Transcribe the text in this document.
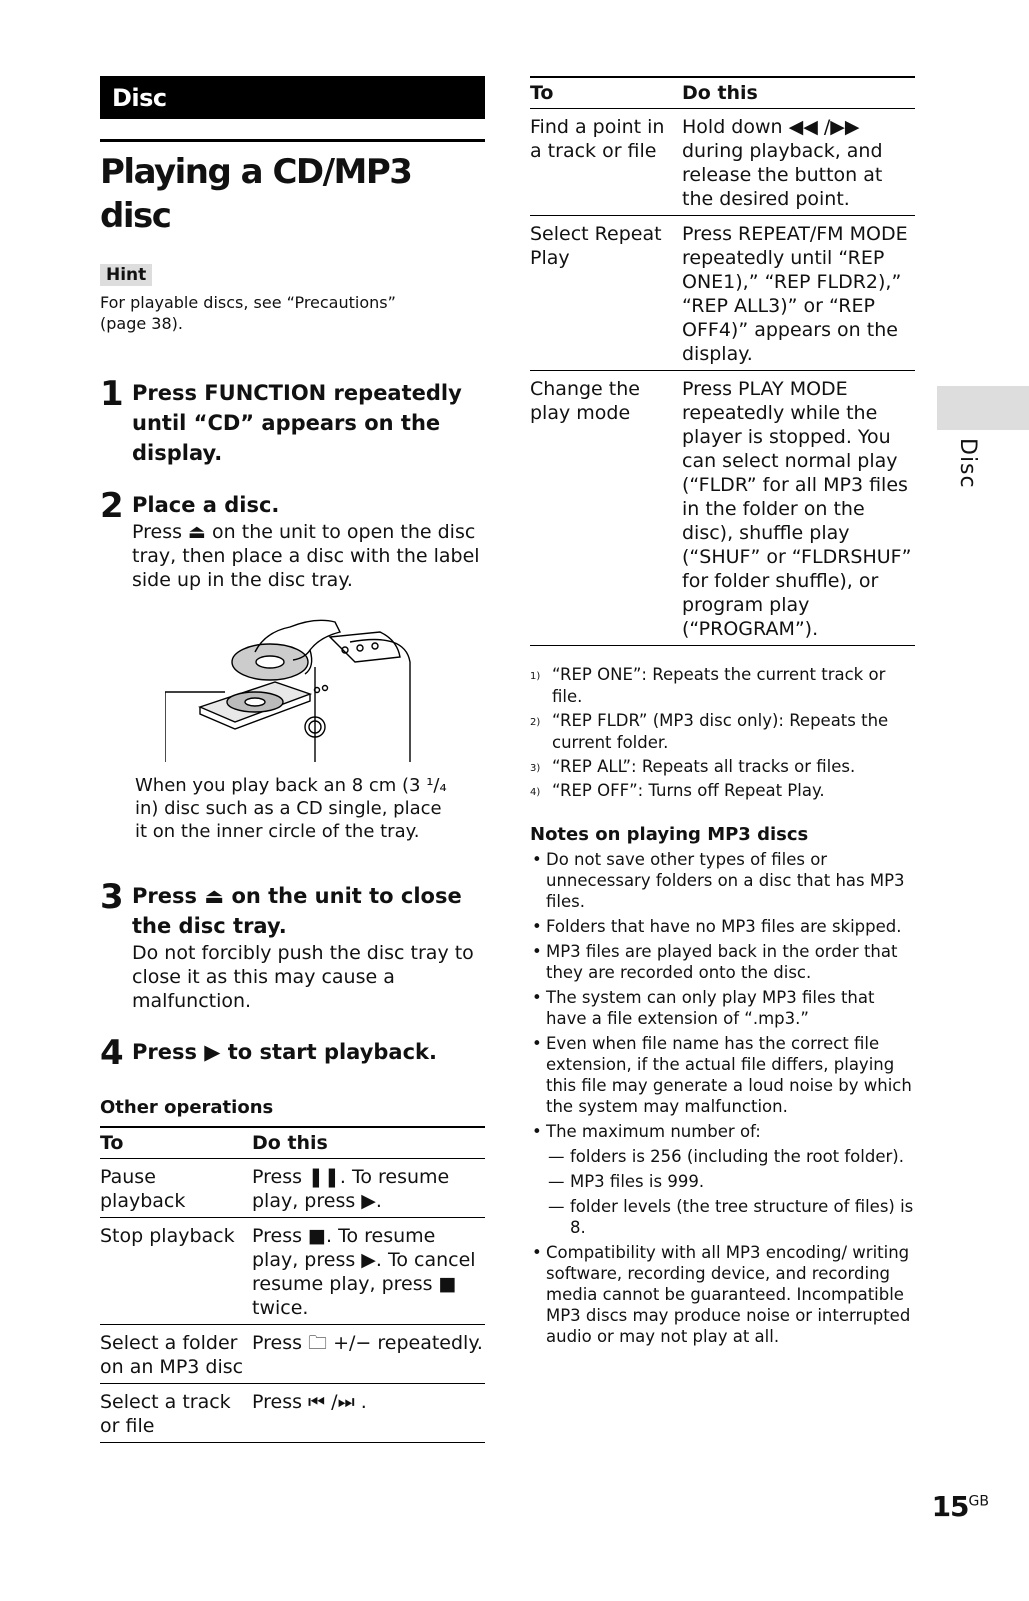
Disc
Playing a CD/MP3 disc
Hint
For playable discs, see “Precautions” (page 38).
1 Press FUNCTION repeatedly until “CD” appears on the display.
2 Place a disc.
Press ⏏ on the unit to open the disc tray, then place a disc with the label side up in the disc tray.
When you play back an 8 cm (3 ¹/₄ in) disc such as a CD single, place it on the inner circle of the tray.
3 Press ⏏ on the unit to close the disc tray.
Do not forcibly push the disc tray to close it as this may cause a malfunction.
4 Press ▶ to start playback.
Other operations
To	Do this
Pause playback	Press ❚❚. To resume play, press ▶.
Stop playback	Press ■. To resume play, press ▶. To cancel resume play, press ■ twice.
Select a folder on an MP3 disc	Press 🗀 +/− repeatedly.
Select a track or file	Press ⏮ /⏭ .
To	Do this
Find a point in a track or file	Hold down ◀◀ /▶▶ during playback, and release the button at the desired point.
Select Repeat Play	Press REPEAT/FM MODE repeatedly until “REP ONE1),” “REP FLDR2),” “REP ALL3)” or “REP OFF4)” appears on the display.
Change the play mode	Press PLAY MODE repeatedly while the player is stopped. You can select normal play (“FLDR” for all MP3 files in the folder on the disc), shuffle play (“SHUF” or “FLDRSHUF” for folder shuffle), or program play (“PROGRAM”).
1) “REP ONE”: Repeats the current track or file.
2) “REP FLDR” (MP3 disc only): Repeats the current folder.
3) “REP ALL”: Repeats all tracks or files.
4) “REP OFF”: Turns off Repeat Play.
Notes on playing MP3 discs
• Do not save other types of files or unnecessary folders on a disc that has MP3 files.
• Folders that have no MP3 files are skipped.
• MP3 files are played back in the order that they are recorded onto the disc.
• The system can only play MP3 files that have a file extension of “.mp3.”
• Even when file name has the correct file extension, if the actual file differs, playing this file may generate a loud noise by which the system may malfunction.
• The maximum number of:
— folders is 256 (including the root folder).
— MP3 files is 999.
— folder levels (the tree structure of files) is 8.
• Compatibility with all MP3 encoding/ writing software, recording device, and recording media cannot be guaranteed. Incompatible MP3 discs may produce noise or interrupted audio or may not play at all.
Disc
$15^{GB}$
